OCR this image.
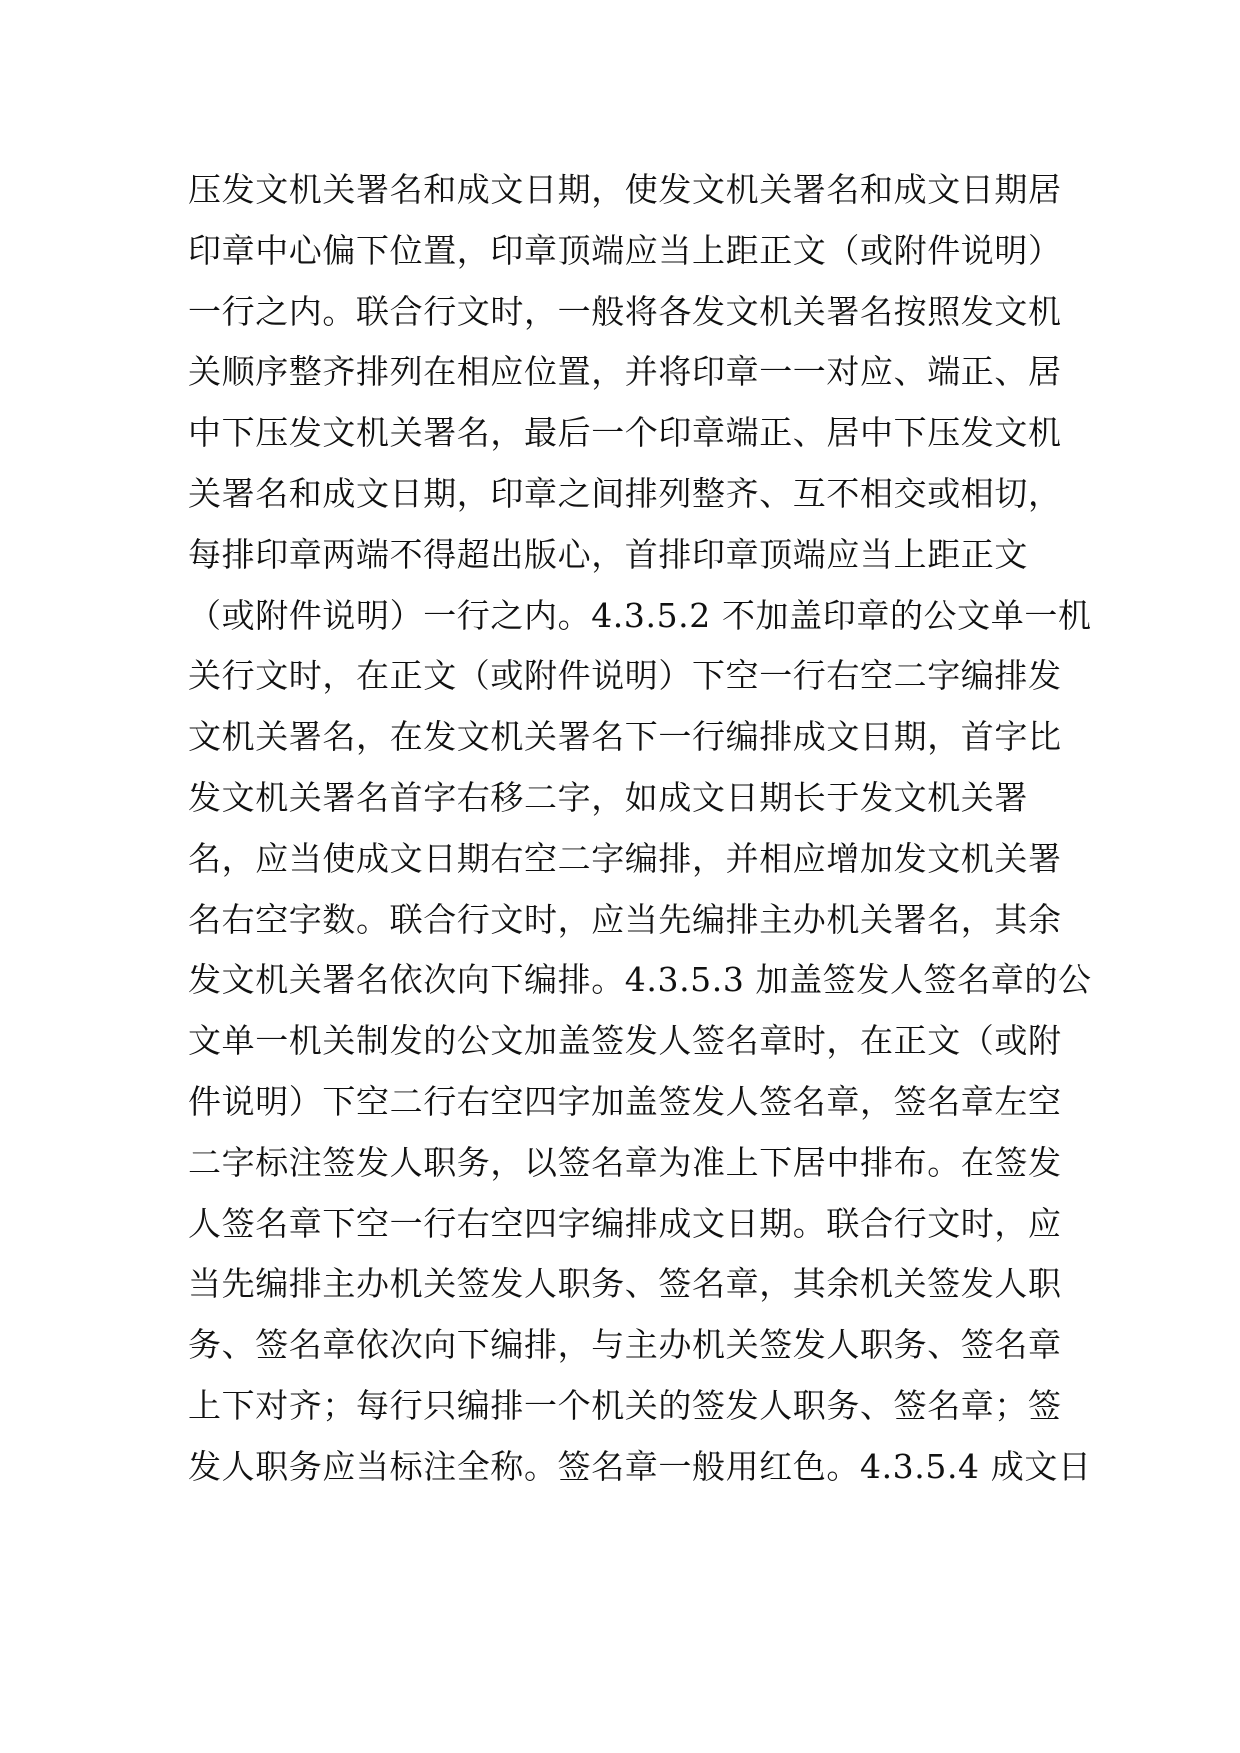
压发文机关署名和成文日期，使发文机关署名和成文日期居
印章中心偏下位置，印章顶端应当上距正文（或附件说明）
一行之内。联合行文时，一般将各发文机关署名按照发文机
关顺序整齐排列在相应位置，并将印章一一对应、端正、居
中下压发文机关署名，最后一个印章端正、居中下压发文机
关署名和成文日期，印章之间排列整齐、互不相交或相切，
每排印章两端不得超出版心，首排印章顶端应当上距正文
（或附件说明）一行之内。4.3.5.2 不加盖印章的公文单一机
关行文时，在正文（或附件说明）下空一行右空二字编排发
文机关署名，在发文机关署名下一行编排成文日期，首字比
发文机关署名首字右移二字，如成文日期长于发文机关署
名，应当使成文日期右空二字编排，并相应增加发文机关署
名右空字数。联合行文时，应当先编排主办机关署名，其余
发文机关署名依次向下编排。4.3.5.3 加盖签发人签名章的公
文单一机关制发的公文加盖签发人签名章时，在正文（或附
件说明）下空二行右空四字加盖签发人签名章，签名章左空
二字标注签发人职务，以签名章为准上下居中排布。在签发
人签名章下空一行右空四字编排成文日期。联合行文时，应
当先编排主办机关签发人职务、签名章，其余机关签发人职
务、签名章依次向下编排，与主办机关签发人职务、签名章
上下对齐；每行只编排一个机关的签发人职务、签名章；签
发人职务应当标注全称。签名章一般用红色。4.3.5.4 成文日
